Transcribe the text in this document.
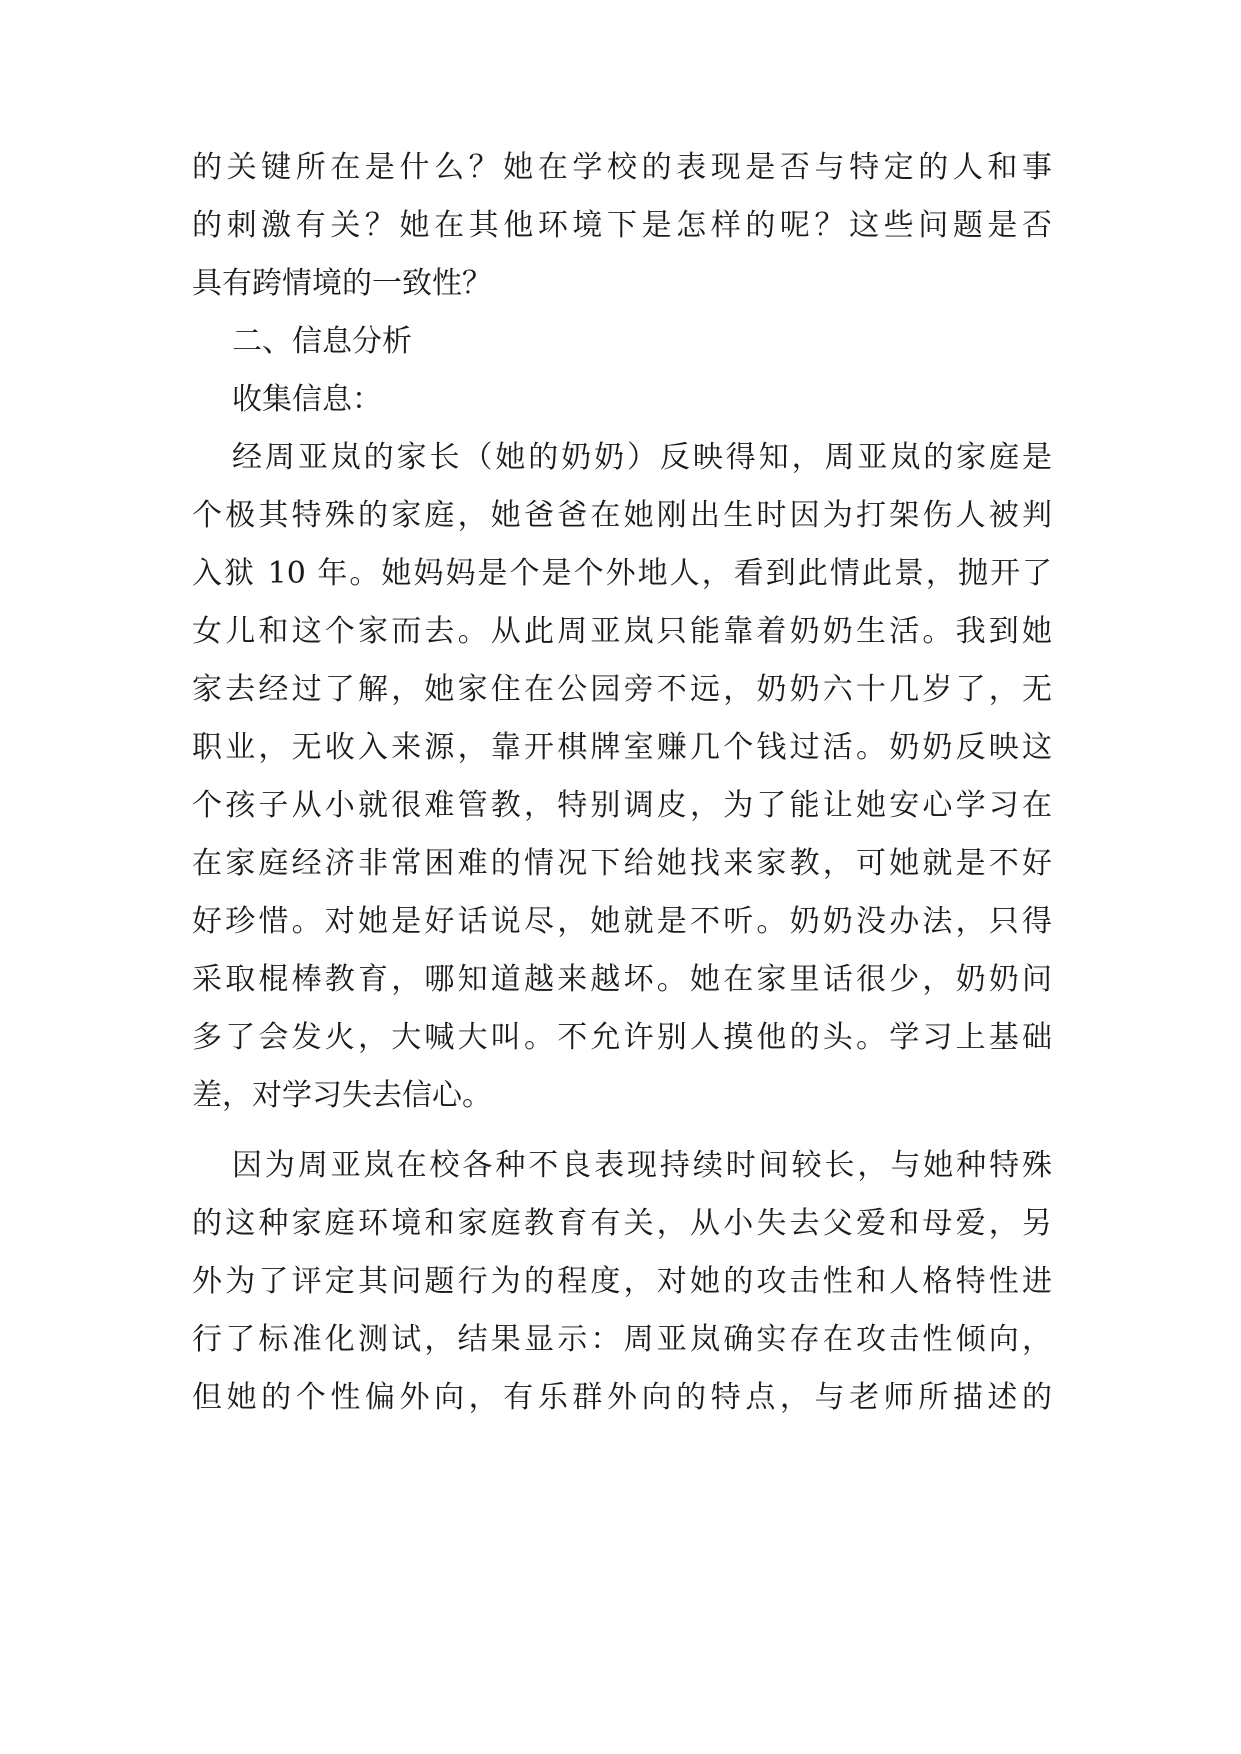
的关键所在是什么？她在学校的表现是否与特定的人和事
的刺激有关？她在其他环境下是怎样的呢？这些问题是否
具有跨情境的一致性？
二、信息分析
收集信息：
经周亚岚的家长（她的奶奶）反映得知，周亚岚的家庭是
个极其特殊的家庭，她爸爸在她刚出生时因为打架伤人被判
入狱 10 年。她妈妈是个是个外地人，看到此情此景，抛开了
女儿和这个家而去。从此周亚岚只能靠着奶奶生活。我到她
家去经过了解，她家住在公园旁不远，奶奶六十几岁了，无
职业，无收入来源，靠开棋牌室赚几个钱过活。奶奶反映这
个孩子从小就很难管教，特别调皮，为了能让她安心学习在
在家庭经济非常困难的情况下给她找来家教，可她就是不好
好珍惜。对她是好话说尽，她就是不听。奶奶没办法，只得
采取棍棒教育，哪知道越来越坏。她在家里话很少，奶奶问
多了会发火，大喊大叫。不允许别人摸他的头。学习上基础
差，对学习失去信心。
因为周亚岚在校各种不良表现持续时间较长，与她种特殊
的这种家庭环境和家庭教育有关，从小失去父爱和母爱，另
外为了评定其问题行为的程度，对她的攻击性和人格特性进
行了标准化测试，结果显示：周亚岚确实存在攻击性倾向，
但她的个性偏外向，有乐群外向的特点，与老师所描述的
